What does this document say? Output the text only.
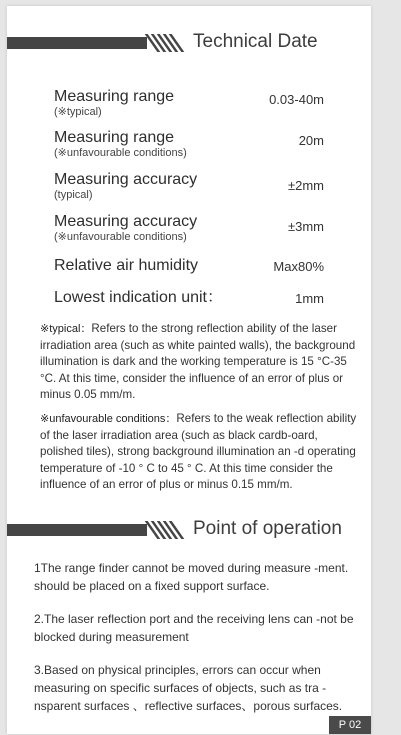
Technical Date
Measuring range
(※typical)
0.03-40m
Measuring range
(※unfavourable conditions)
20m
Measuring accuracy
(typical)
±2mm
Measuring accuracy
(※unfavourable conditions)
±3mm
Relative air humidity	Max80%
Lowest indication unit：	1mm
※typical：Refers to the strong reflection ability of the laser irradiation area (such as white painted walls), the background illumination is dark and the working temperature is 15 °C-35 °C. At this time, consider the influence of an error of plus or minus 0.05 mm/m.
※unfavourable conditions：Refers to the weak reflection ability of the laser irradiation area (such as black cardb-oard, polished tiles), strong background illumination an -d operating temperature of -10 ° C to 45 ° C. At this time consider the influence of an error of plus or minus 0.15 mm/m.
Point of operation
1The range finder cannot be moved during measure -ment. should be placed on a fixed support surface.
2.The laser reflection port and the receiving lens can -not be blocked during measurement
3.Based on physical principles, errors can occur when measuring on specific surfaces of objects, such as tra -nsparent surfaces 、reflective surfaces、porous surfaces.
P 02
